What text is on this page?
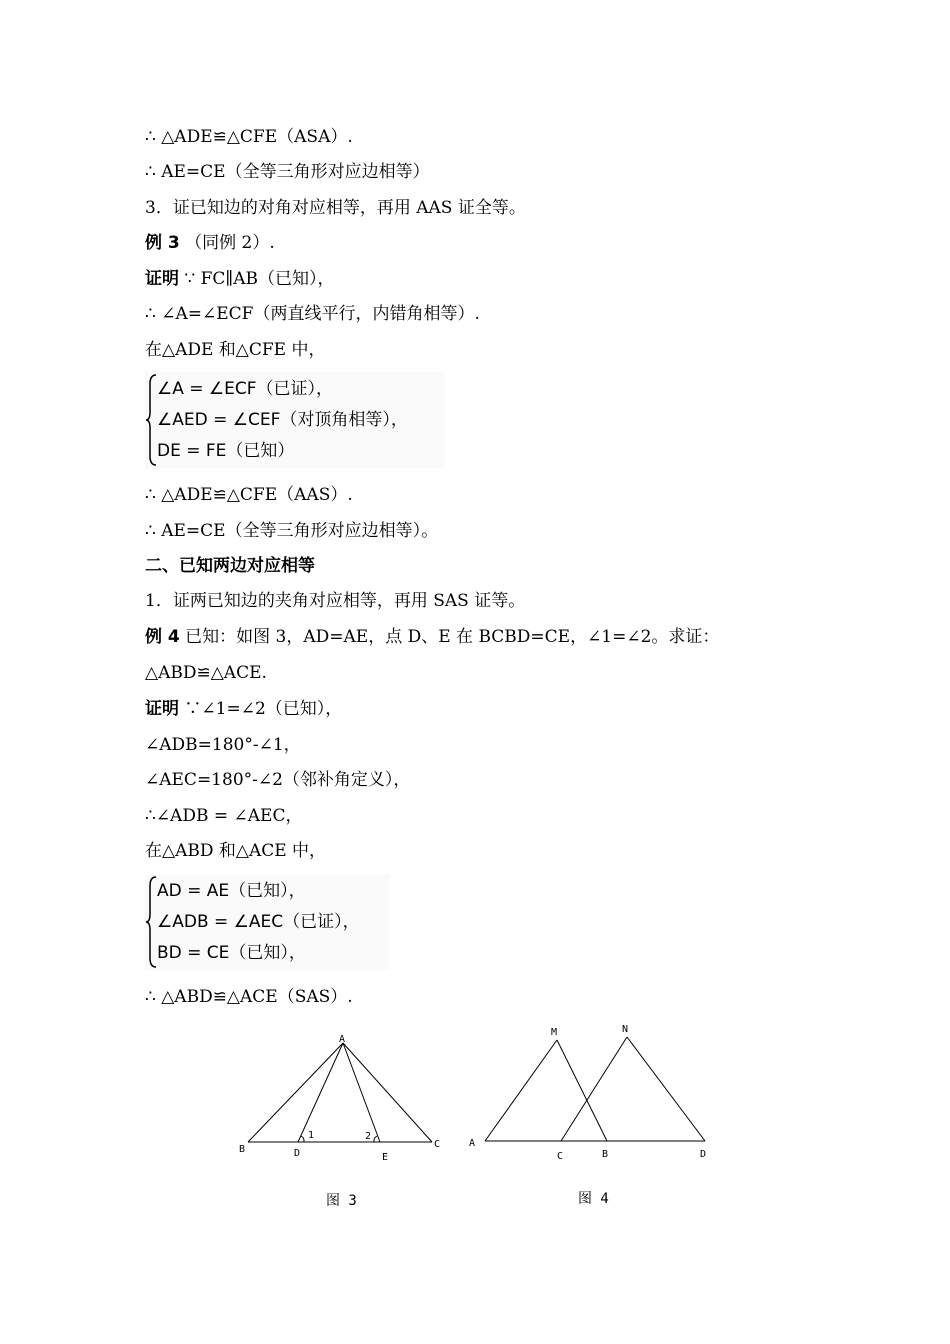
∴ △ADE≌△CFE（ASA）.
∴ AE=CE（全等三角形对应边相等）
3．证已知边的对角对应相等，再用 AAS 证全等。
例 3 （同例 2）.
证明 ∵ FC∥AB（已知），
∴ ∠A=∠ECF（两直线平行，内错角相等）.
在△ADE 和△CFE 中，
∠A = ∠ECF（已证），
∠AED = ∠CEF（对顶角相等），
DE = FE（已知）
∴ △ADE≌△CFE（AAS）.
∴ AE=CE（全等三角形对应边相等）。
二、已知两边对应相等
1．证两已知边的夹角对应相等，再用 SAS 证等。
例 4 已知：如图 3，AD=AE，点 D、E 在 BCBD=CE，∠1=∠2。求证：
△ABD≌△ACE.
证明 ∵∠1=∠2（已知），
∠ADB=180°-∠1，
∠AEC=180°-∠2（邻补角定义），
∴∠ADB = ∠AEC，
在△ABD 和△ACE 中，
AD = AE（已知），
∠ADB = ∠AEC（已证），
BD = CE（已知），
∴ △ABD≌△ACE（SAS）.
A
B	C
D	E
1	2
图 3
M	N
A
B
C	D
图 4
